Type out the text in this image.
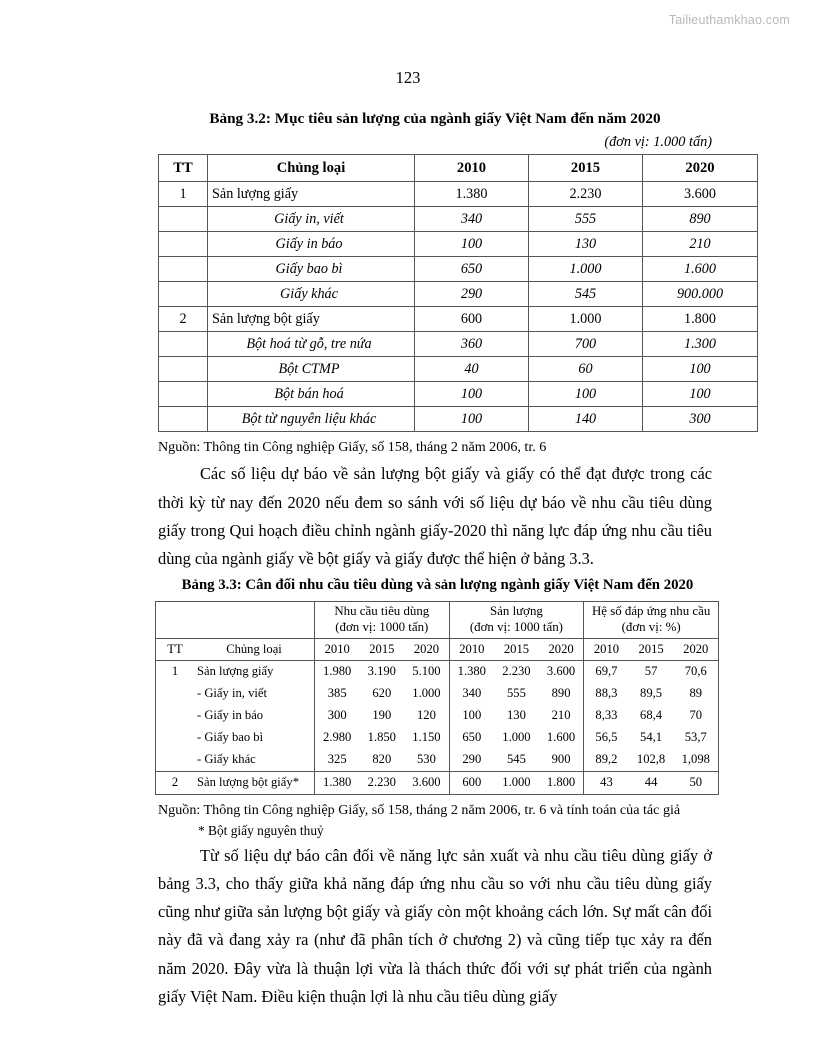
Tailieuthamkhao.com
123
Bảng 3.2: Mục tiêu sản lượng của ngành giấy Việt Nam đến năm 2020
(đơn vị: 1.000 tấn)
TT	Chủng loại	2010	2015	2020
1	Sản lượng giấy	1.380	2.230	3.600
	Giấy in, viết	340	555	890
	Giấy in báo	100	130	210
	Giấy bao bì	650	1.000	1.600
	Giấy khác	290	545	900.000
2	Sản lượng bột giấy	600	1.000	1.800
	Bột hoá từ gỗ, tre nứa	360	700	1.300
	Bột CTMP	40	60	100
	Bột bán hoá	100	100	100
	Bột từ nguyên liệu khác	100	140	300
Nguồn: Thông tin Công nghiệp Giấy, số 158, tháng 2 năm 2006, tr. 6

Các số liệu dự báo về sản lượng bột giấy và giấy có thể đạt được trong các thời kỳ từ nay đến 2020 nếu đem so sánh với số liệu dự báo về nhu cầu tiêu dùng giấy trong Qui hoạch điều chỉnh ngành giấy-2020 thì năng lực đáp ứng nhu cầu tiêu dùng của ngành giấy về bột giấy và giấy được thể hiện ở bảng 3.3.

Bảng 3.3: Cân đối nhu cầu tiêu dùng và sản lượng ngành giấy Việt Nam đến 2020

Nhu cầu tiêu dùng
(đơn vị: 1000 tấn)

Sản lượng
(đơn vị: 1000 tấn)

Hệ số đáp ứng nhu cầu
(đơn vị: %)

TT	Chủng loại	2010	2015	2020	2010	2015	2020	2010	2015	2020
1	Sản lượng giấy	1.980	3.190	5.100	1.380	2.230	3.600	69,7	57	70,6
	- Giấy in, viết	385	620	1.000	340	555	890	88,3	89,5	89
	- Giấy in báo	300	190	120	100	130	210	8,33	68,4	70
	- Giấy bao bì	2.980	1.850	1.150	650	1.000	1.600	56,5	54,1	53,7
	- Giấy khác	325	820	530	290	545	900	89,2	102,8	1,098
2	Sản lượng bột giấy*	1.380	2.230	3.600	600	1.000	1.800	43	44	50
Nguồn: Thông tin Công nghiệp Giấy, số 158, tháng 2 năm 2006, tr. 6 và tính toán của tác giả
* Bột giấy nguyên thuỷ

Từ số liệu dự báo cân đối về năng lực sản xuất và nhu cầu tiêu dùng giấy ở bảng 3.3, cho thấy giữa khả năng đáp ứng nhu cầu so với nhu cầu tiêu dùng giấy cũng như giữa sản lượng bột giấy và giấy còn một khoảng cách lớn. Sự mất cân đối này đã và đang xảy ra (như đã phân tích ở chương 2) và cũng tiếp tục xảy ra đến năm 2020. Đây vừa là thuận lợi vừa là thách thức đối với sự phát triển của ngành giấy Việt Nam. Điều kiện thuận lợi là nhu cầu tiêu dùng giấy
